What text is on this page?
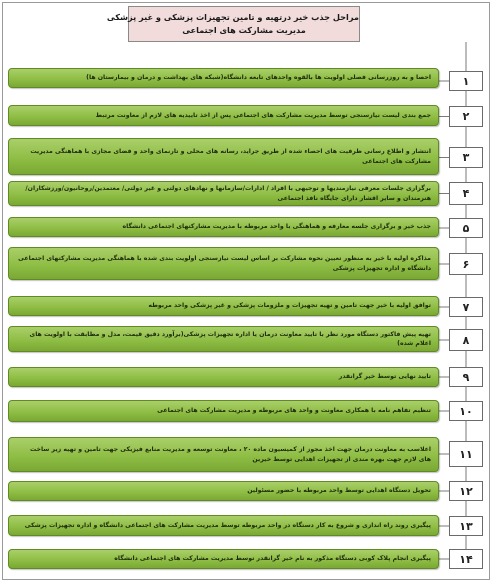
مراحل جذب خیر درتهیه و تامین تجهیزات پزشکی و غیر پزشکی
مدیریت مشارکت های اجتماعی
احصا و به روزرسانی فصلی اولویت ها بالقوه واحدهای تابعه دانشگاه(شبکه های بهداشت و درمان و بیمارستان ها)	۱
جمع بندی لیست نیازسنجی توسط مدیریت مشارکت های اجتماعی پس از اخذ تاییدیه های لازم از معاونت مرتبط	۲
انتشار و اطلاع رسانی ظرفیت های احصاء شده از طریق جراید، رسانه های محلی و تارنمای واحد و فضای مجازی با هماهنگی مدیریت مشارکت های اجتماعی	۳
برگزاری جلسات معرفی نیازمندیها و توجیهی با افراد / ادارات/سازمانها و نهادهای دولتی و غیر دولتی/ معتمدین/روحانیون/ورزشکاران/ هنرمندان و سایر اقشار دارای جایگاه نافذ اجتماعی	۴
جذب خیر و برگزاری جلسه معارفه و هماهنگی با واحد مربوطه با مدیریت مشارکتهای اجتماعی دانشگاه	۵
مذاکره اولیه با خیر به منظور تعیین نحوه مشارکت بر اساس لیست نیازسنجی اولویت بندی شده با هماهنگی مدیریت مشارکتهای اجتماعی دانشگاه و اداره تجهیزات پزشکی	۶
توافق اولیه با خیر جهت تامین و تهیه تجهیزات و ملزومات پزشکی و غیر پزشکی واحد مربوطه	۷
تهیه پیش فاکتور دستگاه مورد نظر با تایید معاونت درمان یا اداره تجهیزات پزشکی(برآورد دقیق قیمت، مدل و مطابقت با اولویت های اعلام شده)	۸
تایید نهایی توسط خیر گرانقدر	۹
تنظیم تفاهم نامه با همکاری معاونت و واحد های مربوطه و مدیریت مشارکت های اجتماعی	۱۰
اعلاسب به معاونت درمان جهت اخذ مجوز از کمیسیون ماده ۲۰ ، معاونت توسعه و مدیریت منابع فیزیکی جهت تامین و تهیه زیر ساخت های لازم جهت بهره مندی از تجهیزات اهدایی توسط خیرین	۱۱
تحویل دستگاه اهدایی توسط واحد مربوطه با حضور مسئولین	۱۲
پیگیری روند راه اندازی و شروع به کار دستگاه در واحد مربوطه توسط مدیریت مشارکت های اجتماعی دانشگاه و اداره تجهیزات پزشکی	۱۳
پیگیری انجام پلاک کوبی دستگاه مذکور به نام خیر گرانقدر توسط مدیریت مشارکت های اجتماعی دانشگاه	۱۴
